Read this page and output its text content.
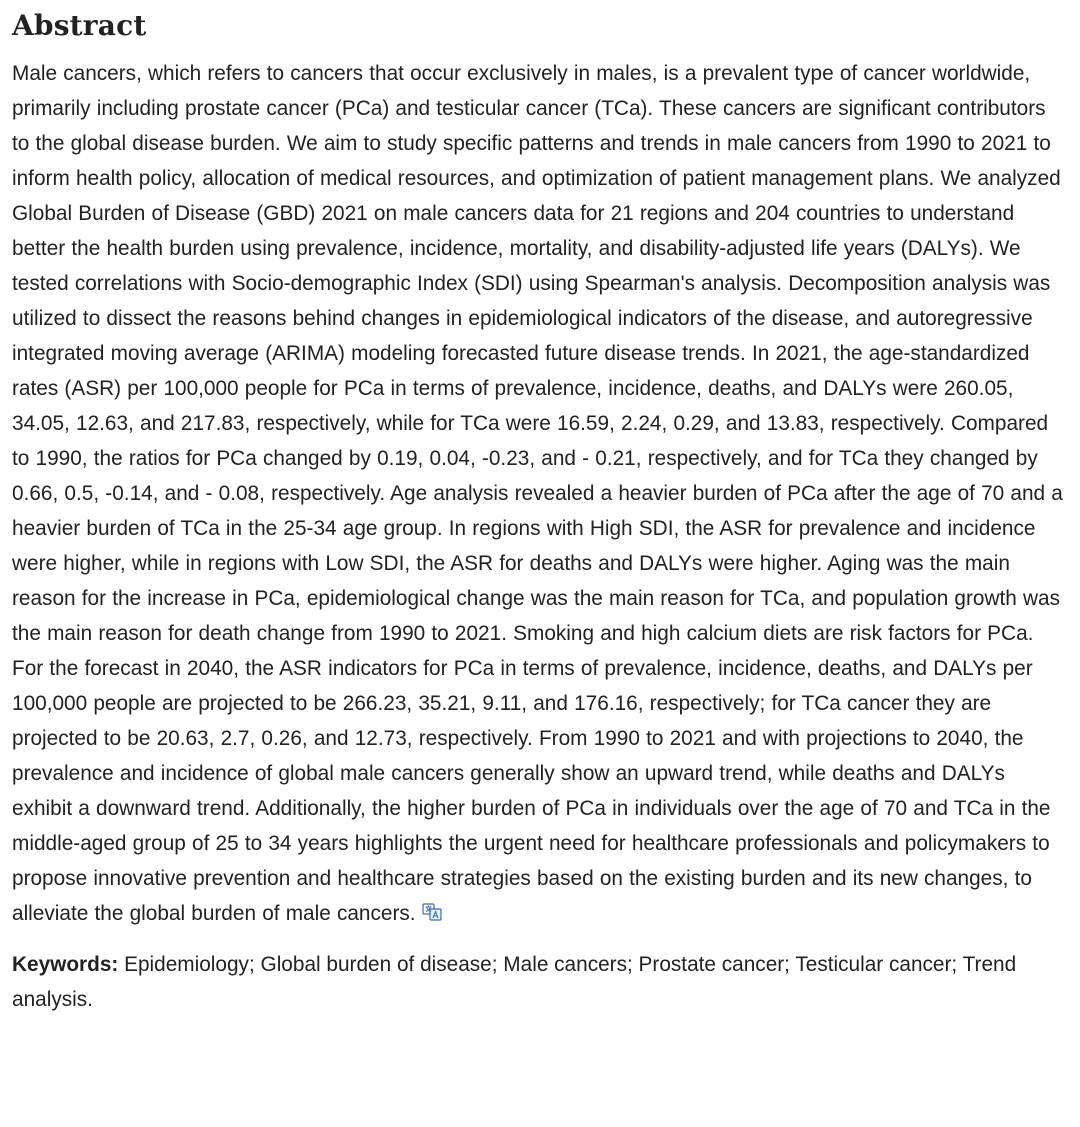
Abstract

Male cancers, which refers to cancers that occur exclusively in males, is a prevalent type of cancer worldwide, primarily including prostate cancer (PCa) and testicular cancer (TCa). These cancers are significant contributors to the global disease burden. We aim to study specific patterns and trends in male cancers from 1990 to 2021 to inform health policy, allocation of medical resources, and optimization of patient management plans. We analyzed Global Burden of Disease (GBD) 2021 on male cancers data for 21 regions and 204 countries to understand better the health burden using prevalence, incidence, mortality, and disability-adjusted life years (DALYs). We tested correlations with Socio-demographic Index (SDI) using Spearman's analysis. Decomposition analysis was utilized to dissect the reasons behind changes in epidemiological indicators of the disease, and autoregressive integrated moving average (ARIMA) modeling forecasted future disease trends. In 2021, the age-standardized rates (ASR) per 100,000 people for PCa in terms of prevalence, incidence, deaths, and DALYs were 260.05, 34.05, 12.63, and 217.83, respectively, while for TCa were 16.59, 2.24, 0.29, and 13.83, respectively. Compared to 1990, the ratios for PCa changed by 0.19, 0.04, -0.23, and - 0.21, respectively, and for TCa they changed by 0.66, 0.5, -0.14, and - 0.08, respectively. Age analysis revealed a heavier burden of PCa after the age of 70 and a heavier burden of TCa in the 25-34 age group. In regions with High SDI, the ASR for prevalence and incidence were higher, while in regions with Low SDI, the ASR for deaths and DALYs were higher. Aging was the main reason for the increase in PCa, epidemiological change was the main reason for TCa, and population growth was the main reason for death change from 1990 to 2021. Smoking and high calcium diets are risk factors for PCa. For the forecast in 2040, the ASR indicators for PCa in terms of prevalence, incidence, deaths, and DALYs per 100,000 people are projected to be 266.23, 35.21, 9.11, and 176.16, respectively; for TCa cancer they are projected to be 20.63, 2.7, 0.26, and 12.73, respectively. From 1990 to 2021 and with projections to 2040, the prevalence and incidence of global male cancers generally show an upward trend, while deaths and DALYs exhibit a downward trend. Additionally, the higher burden of PCa in individuals over the age of 70 and TCa in the middle-aged group of 25 to 34 years highlights the urgent need for healthcare professionals and policymakers to propose innovative prevention and healthcare strategies based on the existing burden and its new changes, to alleviate the global burden of male cancers.

Keywords: Epidemiology; Global burden of disease; Male cancers; Prostate cancer; Testicular cancer; Trend analysis.
